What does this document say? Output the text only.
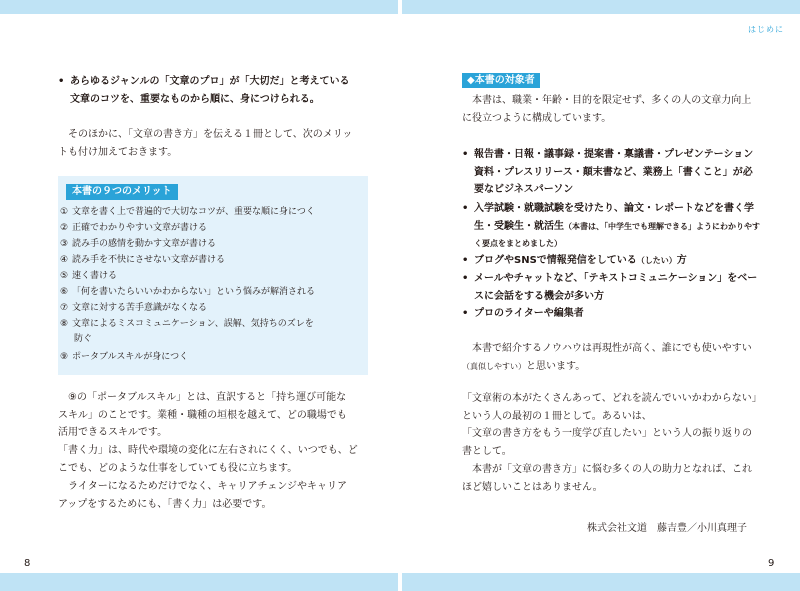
はじめに
8	9
• あらゆるジャンルの「文章のプロ」が「大切だ」と考えている
文章のコツを、重要なものから順に、身につけられる。
そのほかに、「文章の書き方」を伝える１冊として、次のメリッ
トも付け加えておきます。
本書の９つのメリット
① 文章を書く上で普遍的で大切なコツが、重要な順に身につく
② 正確でわかりやすい文章が書ける
③ 読み手の感情を動かす文章が書ける
④ 読み手を不快にさせない文章が書ける
⑤ 速く書ける
⑥ 「何を書いたらいいかわからない」という悩みが解消される
⑦ 文章に対する苦手意識がなくなる
⑧ 文章によるミスコミュニケーション、誤解、気持ちのズレを
防ぐ
⑨ ポータブルスキルが身につく
⑨の「ポータブルスキル」とは、直訳すると「持ち運び可能な
スキル」のことです。業種・職種の垣根を越えて、どの職場でも
活用できるスキルです。
「書く力」は、時代や環境の変化に左右されにくく、いつでも、ど
こでも、どのような仕事をしていても役に立ちます。
ライターになるためだけでなく、キャリアチェンジやキャリア
アップをするためにも、「書く力」は必要です。
◆本書の対象者
本書は、職業・年齢・目的を限定せず、多くの人の文章力向上
に役立つように構成しています。
• 報告書・日報・議事録・提案書・稟議書・プレゼンテーション
資料・プレスリリース・顛末書など、業務上「書くこと」が必
要なビジネスパーソン
• 入学試験・就職試験を受けたり、論文・レポートなどを書く学
生・受験生・就活生（本書は、「中学生でも理解できる」ようにわかりやす
く要点をまとめました）
• ブログやSNSで情報発信をしている（したい）方
• メールやチャットなど、「テキストコミュニケーション」をベー
スに会話をする機会が多い方
• プロのライターや編集者
本書で紹介するノウハウは再現性が高く、誰にでも使いやすい
（真似しやすい）と思います。
「文章術の本がたくさんあって、どれを読んでいいかわからない」
という人の最初の１冊として。あるいは、
「文章の書き方をもう一度学び直したい」という人の振り返りの
書として。
本書が「文章の書き方」に悩む多くの人の助力となれば、これ
ほど嬉しいことはありません。
株式会社文道　藤吉豊／小川真理子
